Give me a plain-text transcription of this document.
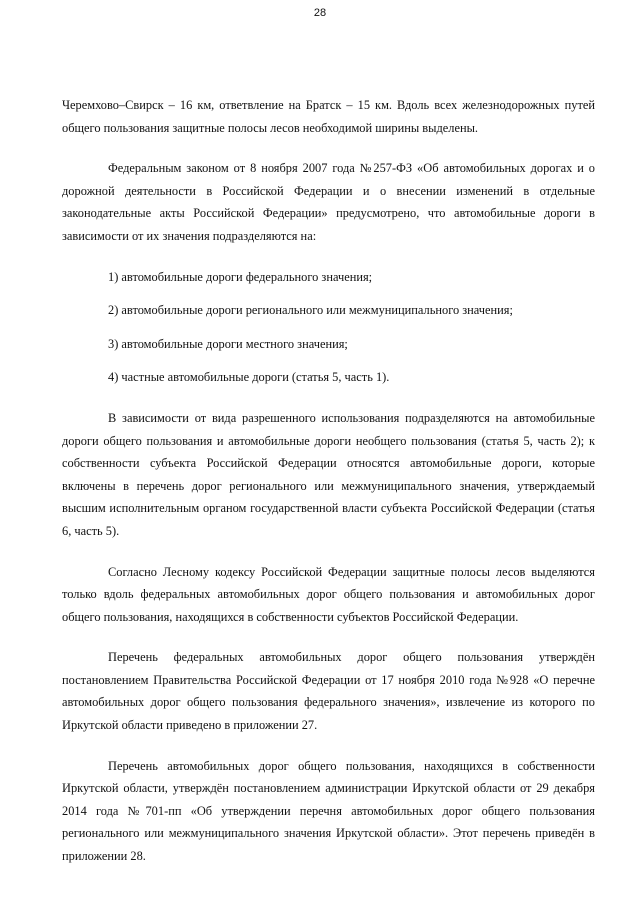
28

Черемхово–Свирск – 16 км, ответвление на Братск – 15 км. Вдоль всех железнодорожных путей общего пользования защитные полосы лесов необходимой ширины выделены.

Федеральным законом от 8 ноября 2007 года №257-ФЗ «Об автомобильных дорогах и о дорожной деятельности в Российской Федерации и о внесении изменений в отдельные законодательные акты Российской Федерации» предусмотрено, что автомобильные дороги в зависимости от их значения подразделяются на:

1) автомобильные дороги федерального значения;

2) автомобильные дороги регионального или межмуниципального значения;

3) автомобильные дороги местного значения;

4) частные автомобильные дороги (статья 5, часть 1).

В зависимости от вида разрешенного использования подразделяются на автомобильные дороги общего пользования и автомобильные дороги необщего пользования (статья 5, часть 2); к собственности субъекта Российской Федерации относятся автомобильные дороги, которые включены в перечень дорог регионального или межмуниципального значения, утверждаемый высшим исполнительным органом государственной власти субъекта Российской Федерации (статья 6, часть 5).

Согласно Лесному кодексу Российской Федерации защитные полосы лесов выделяются только вдоль федеральных автомобильных дорог общего пользования и автомобильных дорог общего пользования, находящихся в собственности субъектов Российской Федерации.

Перечень федеральных автомобильных дорог общего пользования утверждён постановлением Правительства Российской Федерации от 17 ноября 2010 года №928 «О перечне автомобильных дорог общего пользования федерального значения», извлечение из которого по Иркутской области приведено в приложении 27.

Перечень автомобильных дорог общего пользования, находящихся в собственности Иркутской области, утверждён постановлением администрации Иркутской области от 29 декабря 2014 года №701-пп «Об утверждении перечня автомобильных дорог общего пользования регионального или межмуниципального значения Иркутской области». Этот перечень приведён в приложении 28.
